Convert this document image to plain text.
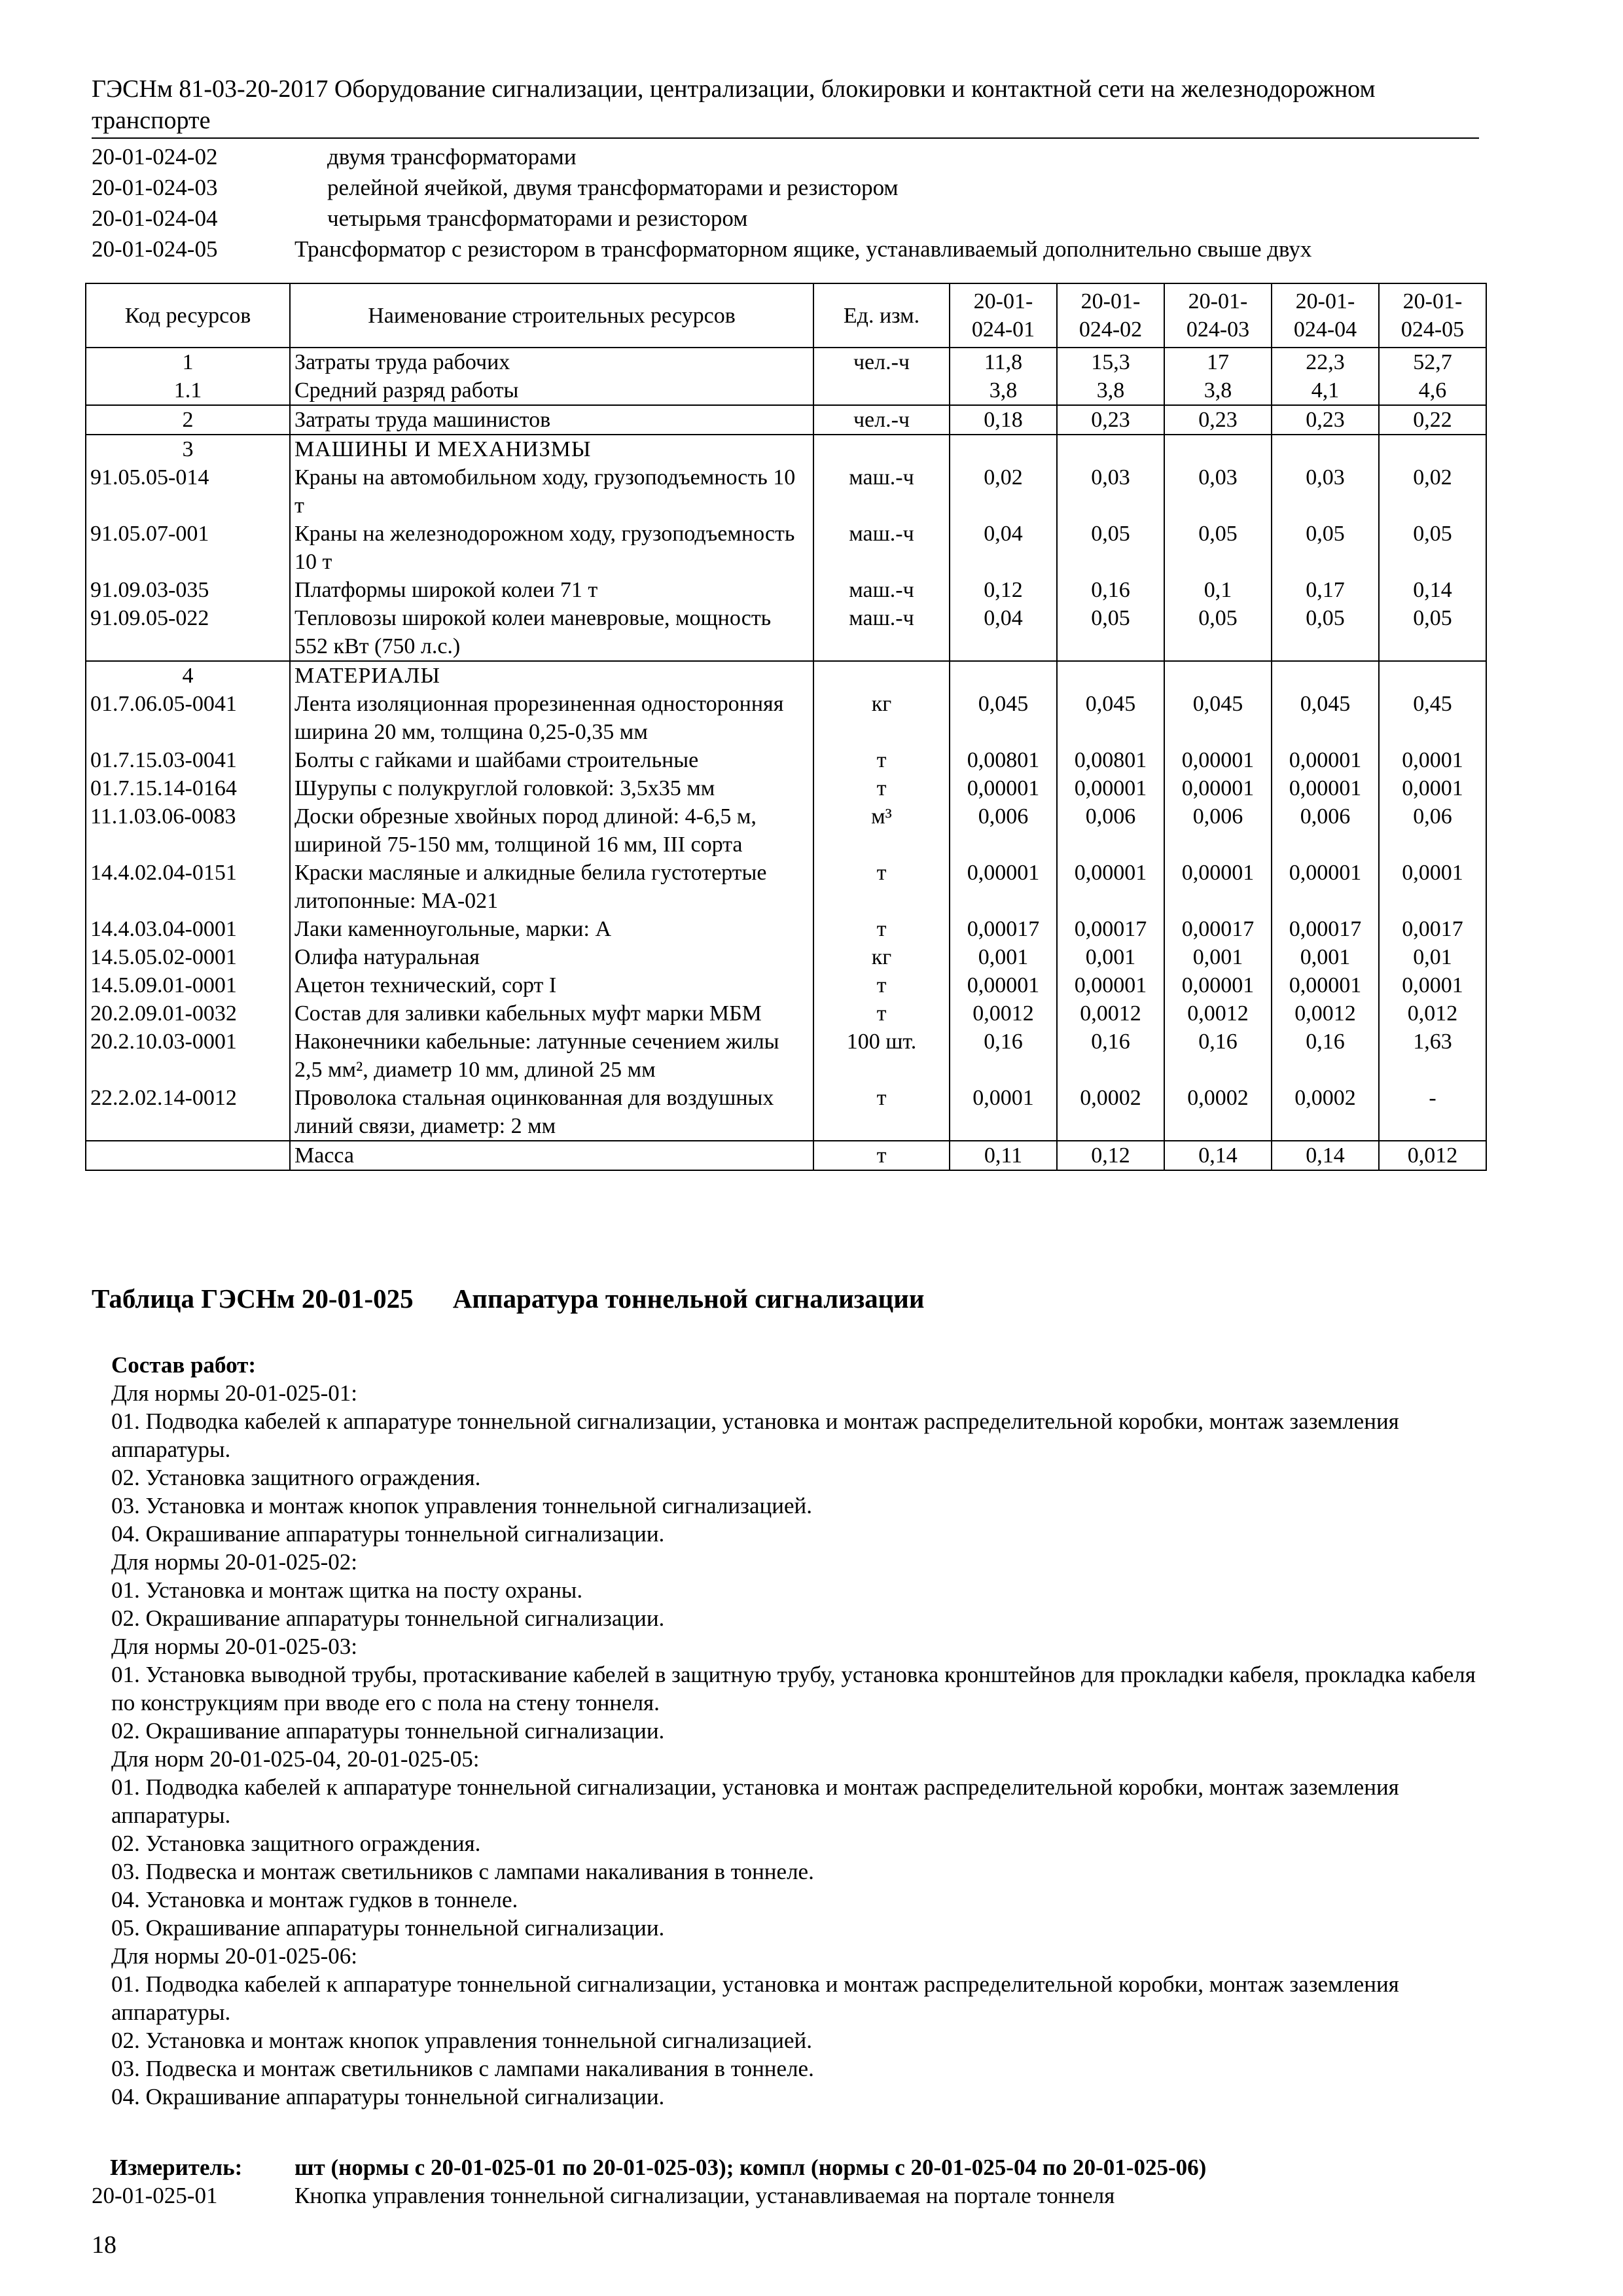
ГЭСНм 81-03-20-2017 Оборудование сигнализации, централизации, блокировки и контактной сети на железнодорожном транспорте
20-01-024-02	двумя трансформаторами
20-01-024-03	релейной ячейкой, двумя трансформаторами и резистором
20-01-024-04	четырьмя трансформаторами и резистором
20-01-024-05	Трансформатор с резистором в трансформаторном ящике, устанавливаемый дополнительно свыше двух
Код ресурсов	Наименование строительных ресурсов	Ед. изм.	20-01-024-01	20-01-024-02	20-01-024-03	20-01-024-04	20-01-024-05
1	Затраты труда рабочих	чел.-ч	11,8	15,3	17	22,3	52,7
1.1	Средний разряд работы		3,8	3,8	3,8	4,1	4,6
2	Затраты труда машинистов	чел.-ч	0,18	0,23	0,23	0,23	0,22
3	МАШИНЫ И МЕХАНИЗМЫ						
91.05.05-014	Краны на автомобильном ходу, грузоподъемность 10 т	маш.-ч	0,02	0,03	0,03	0,03	0,02
91.05.07-001	Краны на железнодорожном ходу, грузоподъемность 10 т	маш.-ч	0,04	0,05	0,05	0,05	0,05
91.09.03-035	Платформы широкой колеи 71 т	маш.-ч	0,12	0,16	0,1	0,17	0,14
91.09.05-022	Тепловозы широкой колеи маневровые, мощность 552 кВт (750 л.с.)	маш.-ч	0,04	0,05	0,05	0,05	0,05
4	МАТЕРИАЛЫ						
01.7.06.05-0041	Лента изоляционная прорезиненная односторонняя ширина 20 мм, толщина 0,25-0,35 мм	кг	0,045	0,045	0,045	0,045	0,45
01.7.15.03-0041	Болты с гайками и шайбами строительные	т	0,00801	0,00801	0,00001	0,00001	0,0001
01.7.15.14-0164	Шурупы с полукруглой головкой: 3,5х35 мм	т	0,00001	0,00001	0,00001	0,00001	0,0001
11.1.03.06-0083	Доски обрезные хвойных пород длиной: 4-6,5 м, шириной 75-150 мм, толщиной 16 мм, III сорта	м³	0,006	0,006	0,006	0,006	0,06
14.4.02.04-0151	Краски масляные и алкидные белила густотертые литопонные: МА-021	т	0,00001	0,00001	0,00001	0,00001	0,0001
14.4.03.04-0001	Лаки каменноугольные, марки: А	т	0,00017	0,00017	0,00017	0,00017	0,0017
14.5.05.02-0001	Олифа натуральная	кг	0,001	0,001	0,001	0,001	0,01
14.5.09.01-0001	Ацетон технический, сорт I	т	0,00001	0,00001	0,00001	0,00001	0,0001
20.2.09.01-0032	Состав для заливки кабельных муфт марки МБМ	т	0,0012	0,0012	0,0012	0,0012	0,012
20.2.10.03-0001	Наконечники кабельные: латунные сечением жилы 2,5 мм², диаметр 10 мм, длиной 25 мм	100 шт.	0,16	0,16	0,16	0,16	1,63
22.2.02.14-0012	Проволока стальная оцинкованная для воздушных линий связи, диаметр: 2 мм	т	0,0001	0,0002	0,0002	0,0002	-
	Масса	т	0,11	0,12	0,14	0,14	0,012
Таблица ГЭСНм 20-01-025 Аппаратура тоннельной сигнализации
Состав работ:
Для нормы 20-01-025-01:
01. Подводка кабелей к аппаратуре тоннельной сигнализации, установка и монтаж распределительной коробки, монтаж заземления аппаратуры.
02. Установка защитного ограждения.
03. Установка и монтаж кнопок управления тоннельной сигнализацией.
04. Окрашивание аппаратуры тоннельной сигнализации.
Для нормы 20-01-025-02:
01. Установка и монтаж щитка на посту охраны.
02. Окрашивание аппаратуры тоннельной сигнализации.
Для нормы 20-01-025-03:
01. Установка выводной трубы, протаскивание кабелей в защитную трубу, установка кронштейнов для прокладки кабеля, прокладка кабеля по конструкциям при вводе его с пола на стену тоннеля.
02. Окрашивание аппаратуры тоннельной сигнализации.
Для норм 20-01-025-04, 20-01-025-05:
01. Подводка кабелей к аппаратуре тоннельной сигнализации, установка и монтаж распределительной коробки, монтаж заземления аппаратуры.
02. Установка защитного ограждения.
03. Подвеска и монтаж светильников с лампами накаливания в тоннеле.
04. Установка и монтаж гудков в тоннеле.
05. Окрашивание аппаратуры тоннельной сигнализации.
Для нормы 20-01-025-06:
01. Подводка кабелей к аппаратуре тоннельной сигнализации, установка и монтаж распределительной коробки, монтаж заземления аппаратуры.
02. Установка и монтаж кнопок управления тоннельной сигнализацией.
03. Подвеска и монтаж светильников с лампами накаливания в тоннеле.
04. Окрашивание аппаратуры тоннельной сигнализации.
Измеритель:	шт (нормы с 20-01-025-01 по 20-01-025-03); компл (нормы с 20-01-025-04 по 20-01-025-06)
20-01-025-01	Кнопка управления тоннельной сигнализации, устанавливаемая на портале тоннеля
18
